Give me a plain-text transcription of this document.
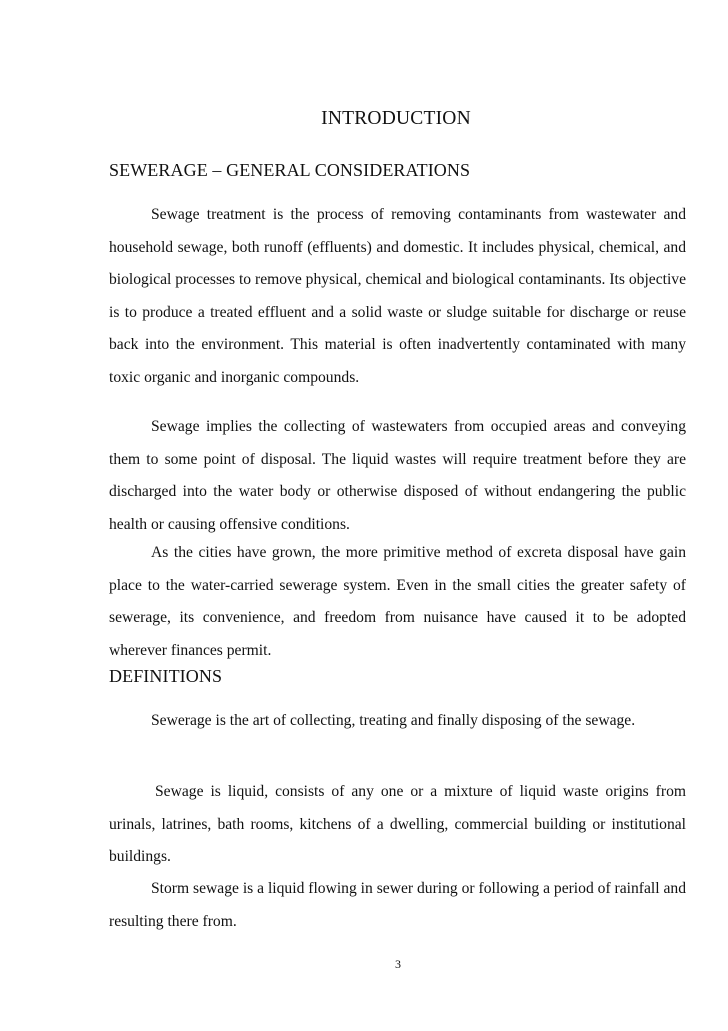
INTRODUCTION
SEWERAGE – GENERAL CONSIDERATIONS

Sewage treatment is the process of removing contaminants from wastewater and household sewage, both runoff (effluents) and domestic. It includes physical, chemical, and biological processes to remove physical, chemical and biological contaminants. Its objective is to produce a treated effluent and a solid waste or sludge suitable for discharge or reuse back into the environment. This material is often inadvertently contaminated with many toxic organic and inorganic compounds.

Sewage implies the collecting of wastewaters from occupied areas and conveying them to some point of disposal. The liquid wastes will require treatment before they are discharged into the water body or otherwise disposed of without endangering the public health or causing offensive conditions.

As the cities have grown, the more primitive method of excreta disposal have gain place to the water-carried sewerage system. Even in the small cities the greater safety of sewerage, its convenience, and freedom from nuisance have caused it to be adopted wherever finances permit.

DEFINITIONS

Sewerage is the art of collecting, treating and finally disposing of the sewage.

Sewage is liquid, consists of any one or a mixture of liquid waste origins from urinals, latrines, bath rooms, kitchens of a dwelling, commercial building or institutional buildings.

Storm sewage is a liquid flowing in sewer during or following a period of rainfall and resulting there from.

3
